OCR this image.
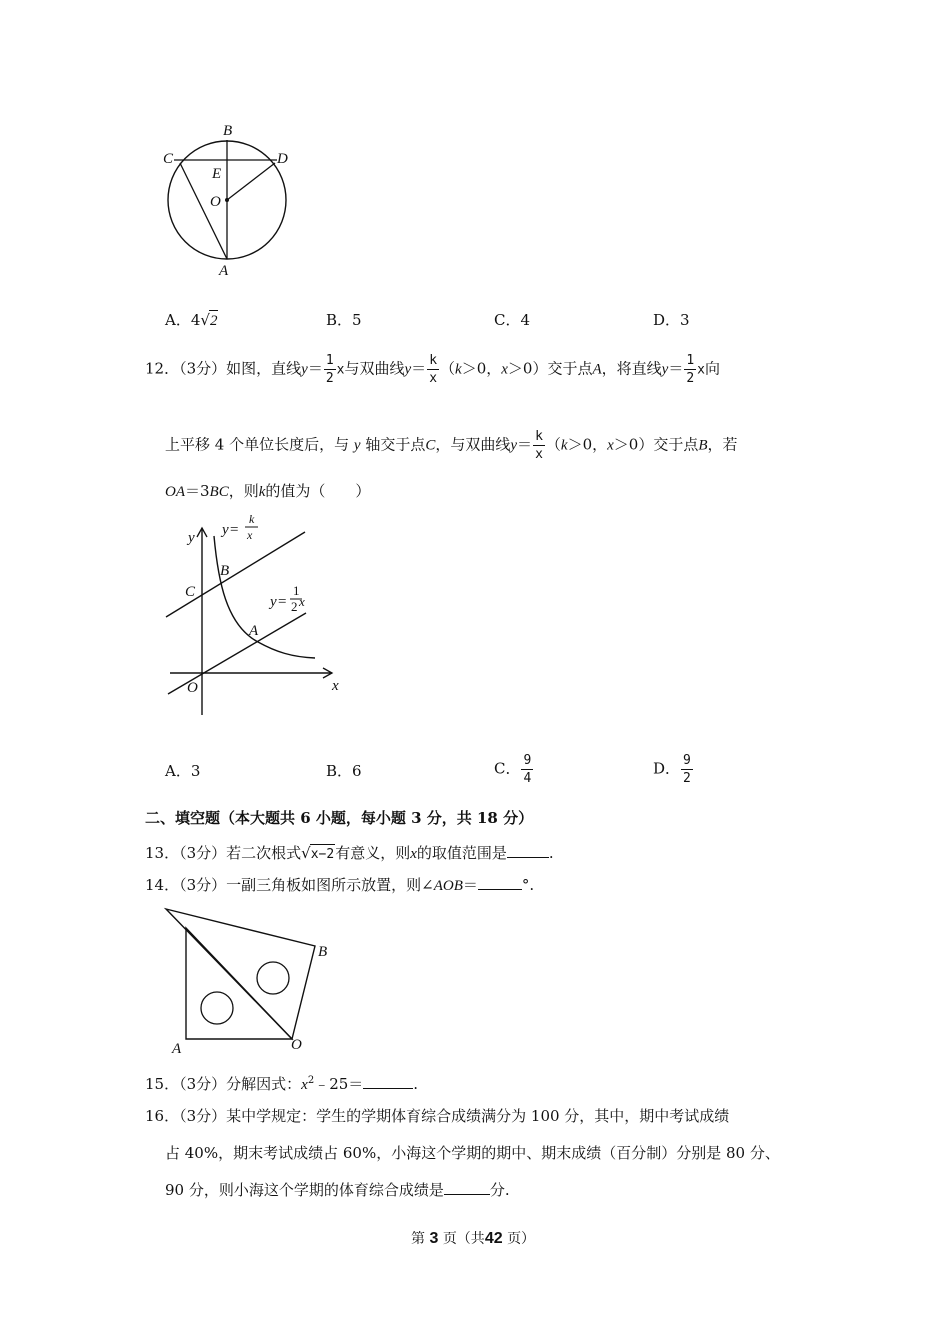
B
C	D
E
O
A
A．4√2	B．5	C．4	D．3
12．（3分）如图，直线$y= \frac{1}{2}$ x与双曲线$y= \frac{k}{x} (k>0$，x＞0）交于点A，将直线$y= \frac{1}{2}$ x向
上平移 4 个单位长度后，与 y 轴交于点C，与双曲线$y= \frac{k}{x} (k>0$，x＞0）交于点B，若
OA＝3BC，则k的值为（　　）
y
x
O
A
B
C
y =
k
x
y =
1
2 x
A．3	B．6	C． $\frac{9}{4}$	D． $\frac{9}{2}$
二、填空题（本大题共 6 小题，每小题 3 分，共 18 分）
13．（3分）若二次根式√x−2有意义，则x的取值范围是	.
14．（3分）一副三角板如图所示放置，则∠AOB＝	°.
A	O
B
15．（3分）分解因式：$x^2﹣25=$	.
16．（3分）某中学规定：学生的学期体育综合成绩满分为 100 分，其中，期中考试成绩
占 40%，期末考试成绩占 60%，小海这个学期的期中、期末成绩（百分制）分别是 80 分、
90 分，则小海这个学期的体育综合成绩是	分.
第 3 页（共42 页）
